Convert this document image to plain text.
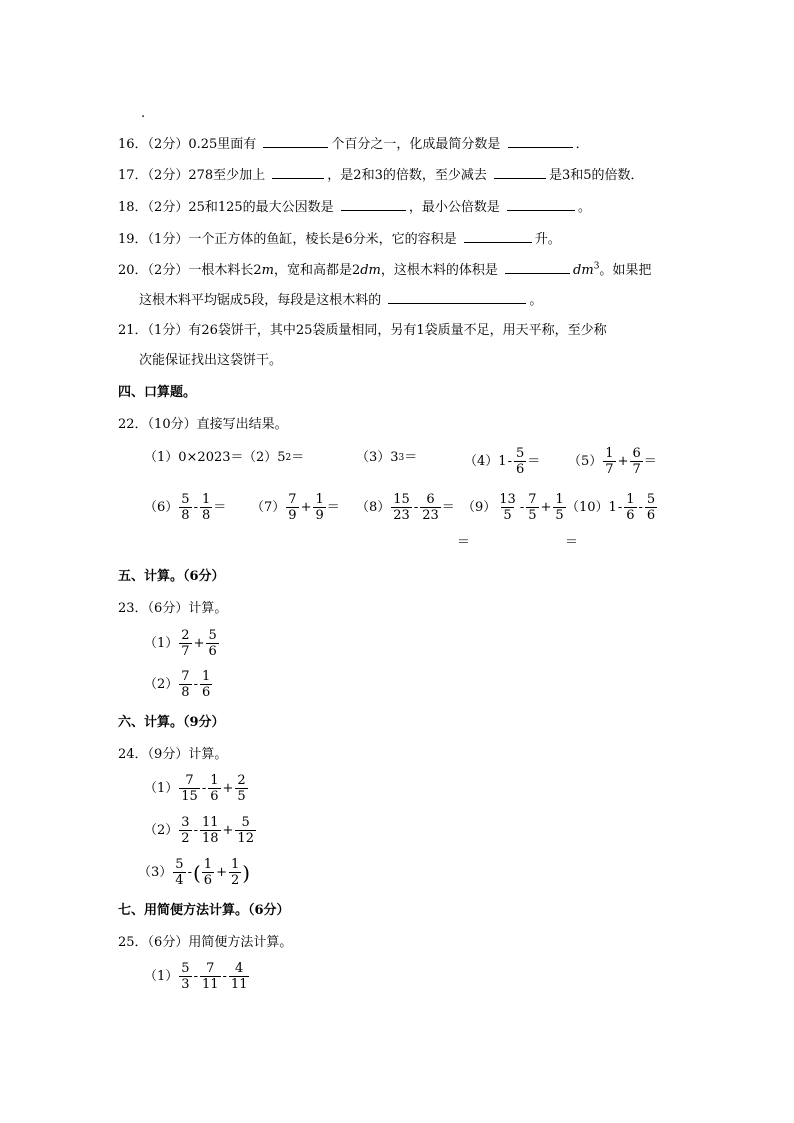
.
16．（2分）0.25里面有	个百分之一，化成最简分数是	．
17．（2分）278至少加上	，是2和3的倍数，至少减去	是3和5的倍数．
18．（2分）25和125的最大公因数是	，最小公倍数是	。
19．（1分）一个正方体的鱼缸，棱长是6分米，它的容积是	升。
20．（2分）一根木料长2m，宽和高都是2dm，这根木料的体积是	$dm^3$。如果把
这根木料平均锯成5段，每段是这根木料的	。
21．（1分）有26袋饼干，其中25袋质量相同，另有1袋质量不足，用天平称，至少称
次能保证找出这袋饼干。
四、口算题。
22．（10分）直接写出结果。
（1）0×2023＝ （2）5 2 ＝	（3）3 3 ＝	（4） $1 - \frac{5}{6} = (5) \frac{1}{7} + \frac{6}{7}$ ＝
$(6) \frac{5}{8} - \frac{1}{8} = (7) \frac{7}{9} + \frac{1}{9} = (8) \frac{15}{23} - \frac{6}{23} = (9) \frac{13}{5} - \frac{7}{5} + \frac{1}{5} (10)$ $1 - \frac{1}{6} - \frac{5}{6}$
＝	＝
五、计算。（6分）
23．（6分）计算。
$(1) \frac{2}{7} + \frac{5}{6}$
$(2) \frac{7}{8} - \frac{1}{6}$
六、计算。（9分）
24．（9分）计算。
$(1) \frac{7}{15} - \frac{1}{6} + \frac{2}{5}$
$(2) \frac{3}{2} - \frac{11}{18} + \frac{5}{12}$
$(3) \frac{5}{4}$ - ( $\frac{1}{6} + \frac{1}{2}$ )
七、用简便方法计算。（6分）
25．（6分）用简便方法计算。
$(1) \frac{5}{3} - \frac{7}{11} - \frac{4}{11}$
